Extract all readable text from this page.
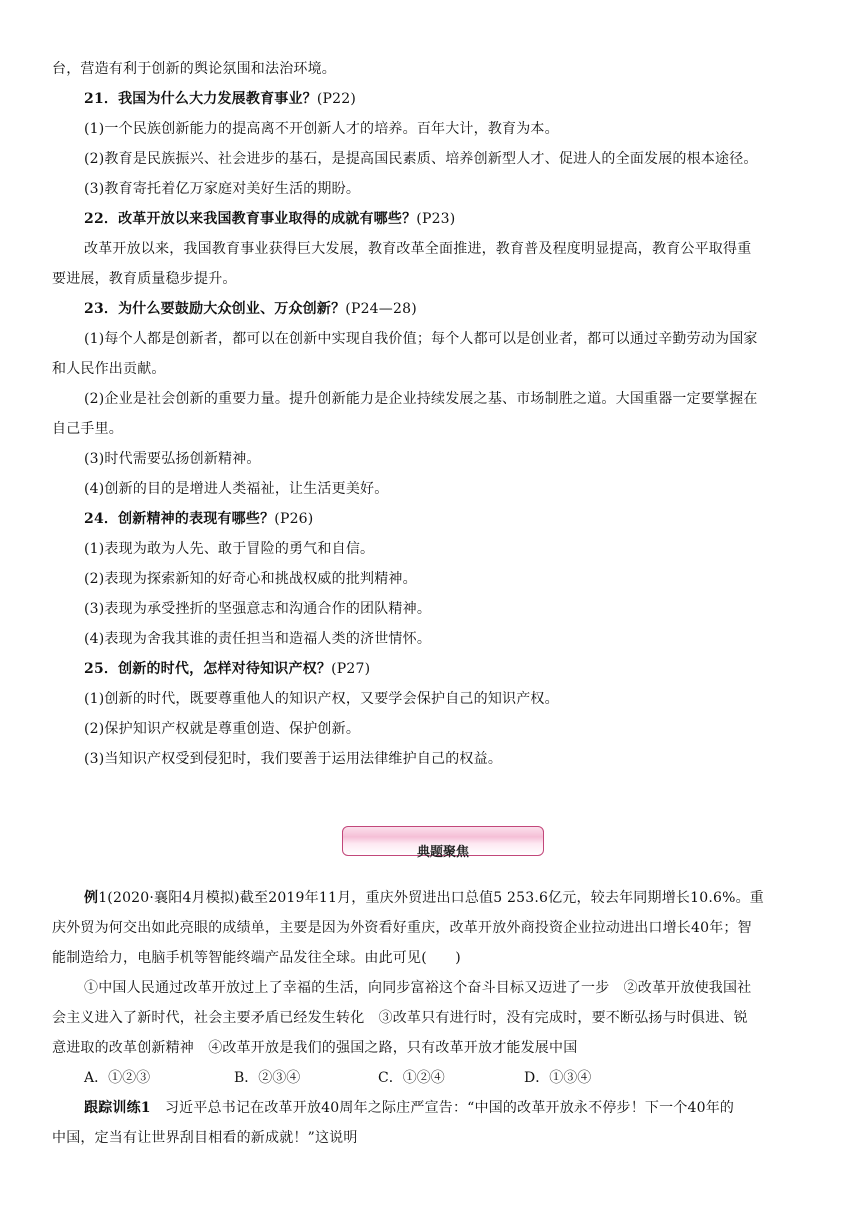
台，营造有利于创新的舆论氛围和法治环境。
21．我国为什么大力发展教育事业？(P22)
(1)一个民族创新能力的提高离不开创新人才的培养。百年大计，教育为本。
(2)教育是民族振兴、社会进步的基石，是提高国民素质、培养创新型人才、促进人的全面发展的根本途径。
(3)教育寄托着亿万家庭对美好生活的期盼。
22．改革开放以来我国教育事业取得的成就有哪些？(P23)
改革开放以来，我国教育事业获得巨大发展，教育改革全面推进，教育普及程度明显提高，教育公平取得重
要进展，教育质量稳步提升。
23．为什么要鼓励大众创业、万众创新？(P24—28)
(1)每个人都是创新者，都可以在创新中实现自我价值；每个人都可以是创业者，都可以通过辛勤劳动为国家
和人民作出贡献。
(2)企业是社会创新的重要力量。提升创新能力是企业持续发展之基、市场制胜之道。大国重器一定要掌握在
自己手里。
(3)时代需要弘扬创新精神。
(4)创新的目的是增进人类福祉，让生活更美好。
24．创新精神的表现有哪些？(P26)
(1)表现为敢为人先、敢于冒险的勇气和自信。
(2)表现为探索新知的好奇心和挑战权威的批判精神。
(3)表现为承受挫折的坚强意志和沟通合作的团队精神。
(4)表现为舍我其谁的责任担当和造福人类的济世情怀。
25．创新的时代，怎样对待知识产权？(P27)
(1)创新的时代，既要尊重他人的知识产权，又要学会保护自己的知识产权。
(2)保护知识产权就是尊重创造、保护创新。
(3)当知识产权受到侵犯时，我们要善于运用法律维护自己的权益。
典题聚焦
例1(2020·襄阳4月模拟)截至2019年11月，重庆外贸进出口总值5 253.6亿元，较去年同期增长10.6%。重
庆外贸为何交出如此亮眼的成绩单，主要是因为外资看好重庆，改革开放外商投资企业拉动进出口增长40年；智
能制造给力，电脑手机等智能终端产品发往全球。由此可见(　　)
①中国人民通过改革开放过上了幸福的生活，向同步富裕这个奋斗目标又迈进了一步　②改革开放使我国社
会主义进入了新时代，社会主要矛盾已经发生转化　③改革只有进行时，没有完成时，要不断弘扬与时俱进、锐
意进取的改革创新精神　④改革开放是我们的强国之路，只有改革开放才能发展中国
A．①②③	B．②③④	C．①②④	D．①③④
跟踪训练1　习近平总书记在改革开放40周年之际庄严宣告：“中国的改革开放永不停步！下一个40年的
中国，定当有让世界刮目相看的新成就！”这说明
